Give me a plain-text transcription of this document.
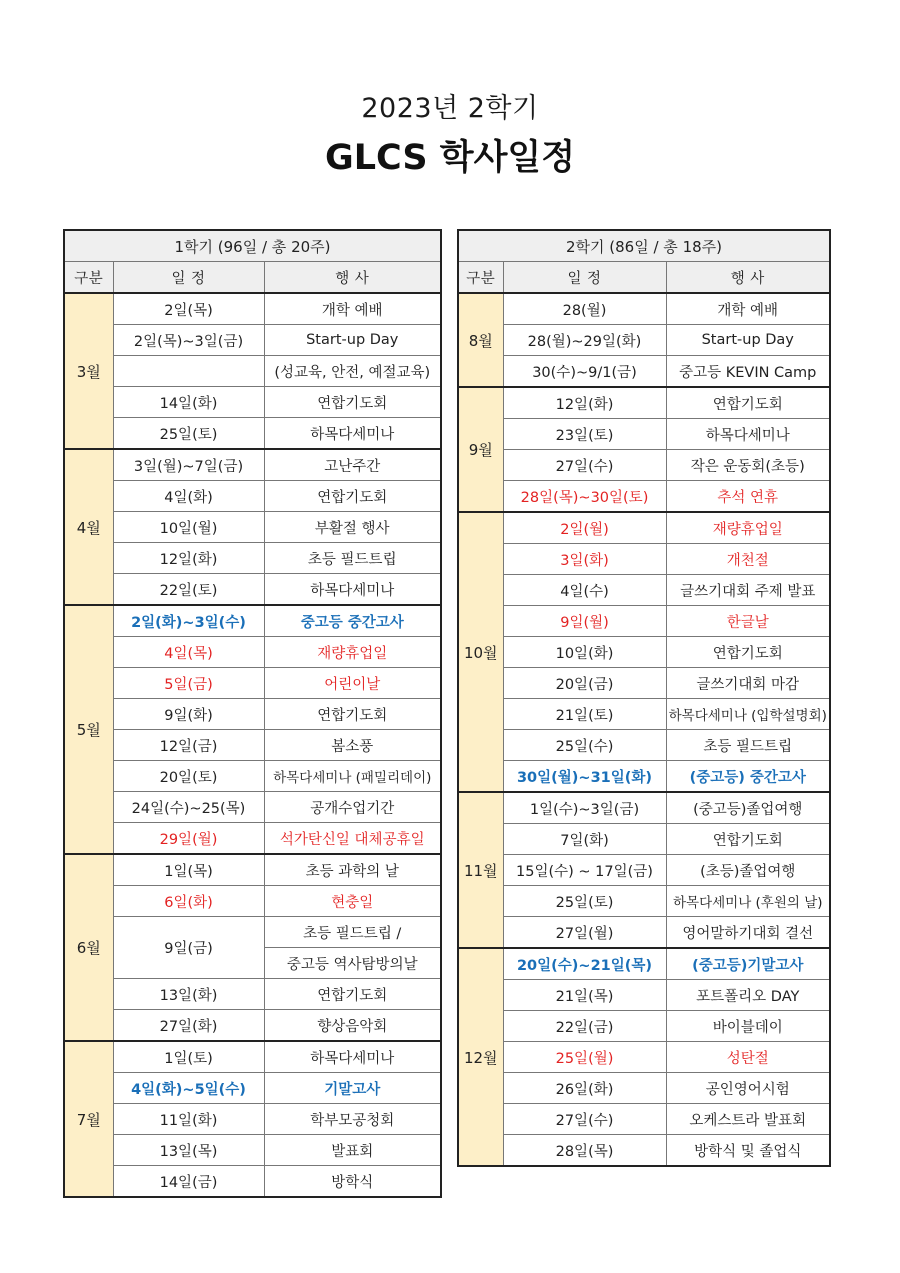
2023년 2학기
GLCS 학사일정
1학기 (96일 / 총 20주)		
구분	일 정	행 사
3월	2일(목)	개학 예배
	2일(목)~3일(금)	Start-up Day
		(성교육, 안전, 예절교육)
	14일(화)	연합기도회
	25일(토)	하목다세미나
4월	3일(월)~7일(금)	고난주간
	4일(화)	연합기도회
	10일(월)	부활절 행사
	12일(화)	초등 필드트립
	22일(토)	하목다세미나
5월	2일(화)~3일(수)	중고등 중간고사
	4일(목)	재량휴업일
	5일(금)	어린이날
	9일(화)	연합기도회
	12일(금)	봄소풍
	20일(토)	하목다세미나 (패밀리데이)
	24일(수)~25(목)	공개수업기간
	29일(월)	석가탄신일 대체공휴일
6월	1일(목)	초등 과학의 날
	6일(화)	현충일
	9일(금)	초등 필드트립 /
		중고등 역사탐방의날
	13일(화)	연합기도회
	27일(화)	향상음악회
7월	1일(토)	하목다세미나
	4일(화)~5일(수)	기말고사
	11일(화)	학부모공청회
	13일(목)	발표회
	14일(금)	방학식
2학기 (86일 / 총 18주)		
구분	일 정	행 사
8월	28(월)	개학 예배
	28(월)~29일(화)	Start-up Day
	30(수)~9/1(금)	중고등 KEVIN Camp
9월	12일(화)	연합기도회
	23일(토)	하목다세미나
	27일(수)	작은 운동회(초등)
	28일(목)~30일(토)	추석 연휴
10월	2일(월)	재량휴업일
	3일(화)	개천절
	4일(수)	글쓰기대회 주제 발표
	9일(월)	한글날
	10일(화)	연합기도회
	20일(금)	글쓰기대회 마감
	21일(토)	하목다세미나 (입학설명회)
	25일(수)	초등 필드트립
	30일(월)~31일(화)	(중고등) 중간고사
11월	1일(수)~3일(금)	(중고등)졸업여행
	7일(화)	연합기도회
	15일(수) ~ 17일(금)	(초등)졸업여행
	25일(토)	하목다세미나 (후원의 날)
	27일(월)	영어말하기대회 결선
12월	20일(수)~21일(목)	(중고등)기말고사
	21일(목)	포트폴리오 DAY
	22일(금)	바이블데이
	25일(월)	성탄절
	26일(화)	공인영어시험
	27일(수)	오케스트라 발표회
	28일(목)	방학식 및 졸업식
